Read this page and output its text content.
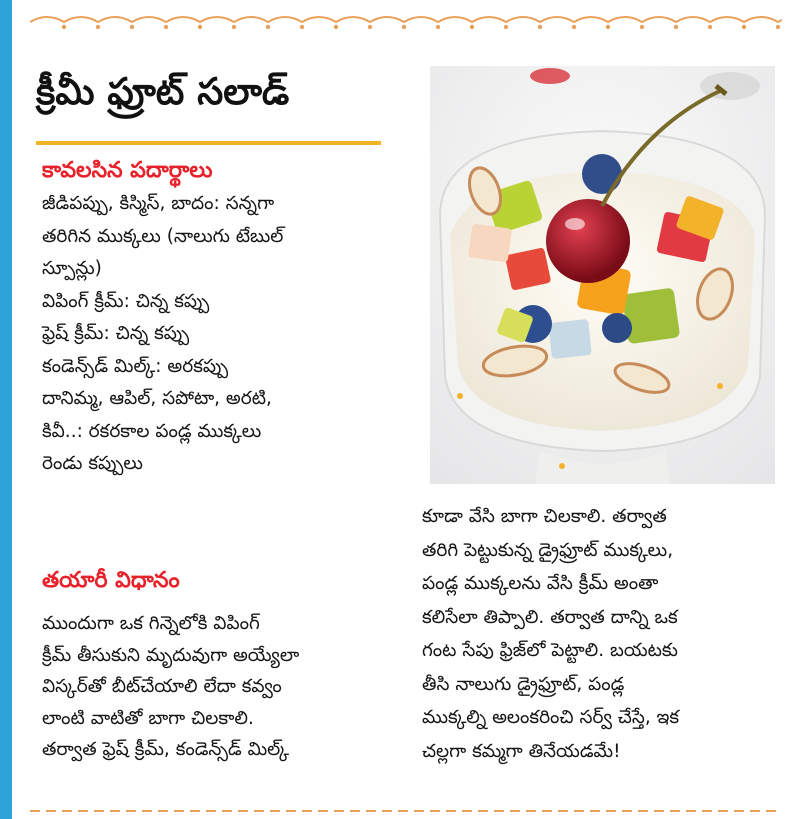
క్రీమీ ఫ్రూట్ సలాడ్
కావలసిన పదార్థాలు
జీడిపప్పు, కిస్మిస్, బాదం: సన్నగా
తరిగిన ముక్కలు (నాలుగు టేబుల్
స్పూన్లు)
విపింగ్ క్రీమ్: చిన్న కప్పు
ఫ్రెష్ క్రీమ్: చిన్న కప్పు
కండెన్స్‌డ్ మిల్క్: అరకప్పు
దానిమ్మ, ఆపిల్, సపోటా, అరటి,
కివీ..: రకరకాల పండ్ల ముక్కలు
రెండు కప్పులు
తయారీ విధానం
ముందుగా ఒక గిన్నెలోకి విపింగ్
క్రీమ్ తీసుకుని మృదువుగా అయ్యేలా
విస్కర్‌తో బీట్‌చేయాలి లేదా కవ్వం
లాంటి వాటితో బాగా చిలకాలి.
తర్వాత ఫ్రెష్ క్రీమ్, కండెన్స్‌డ్ మిల్క్
కూడా వేసి బాగా చిలకాలి. తర్వాత
తరిగి పెట్టుకున్న డ్రైఫ్రూట్ ముక్కలు,
పండ్ల ముక్కలను వేసి క్రీమ్ అంతా
కలిసేలా తిప్పాలి. తర్వాత దాన్ని ఒక
గంట సేపు ఫ్రిజ్‌లో పెట్టాలి. బయటకు
తీసి నాలుగు డ్రైఫ్రూట్, పండ్ల
ముక్కల్ని అలంకరించి సర్వ్ చేస్తే, ఇక
చల్లగా కమ్మగా తినేయడమే!
